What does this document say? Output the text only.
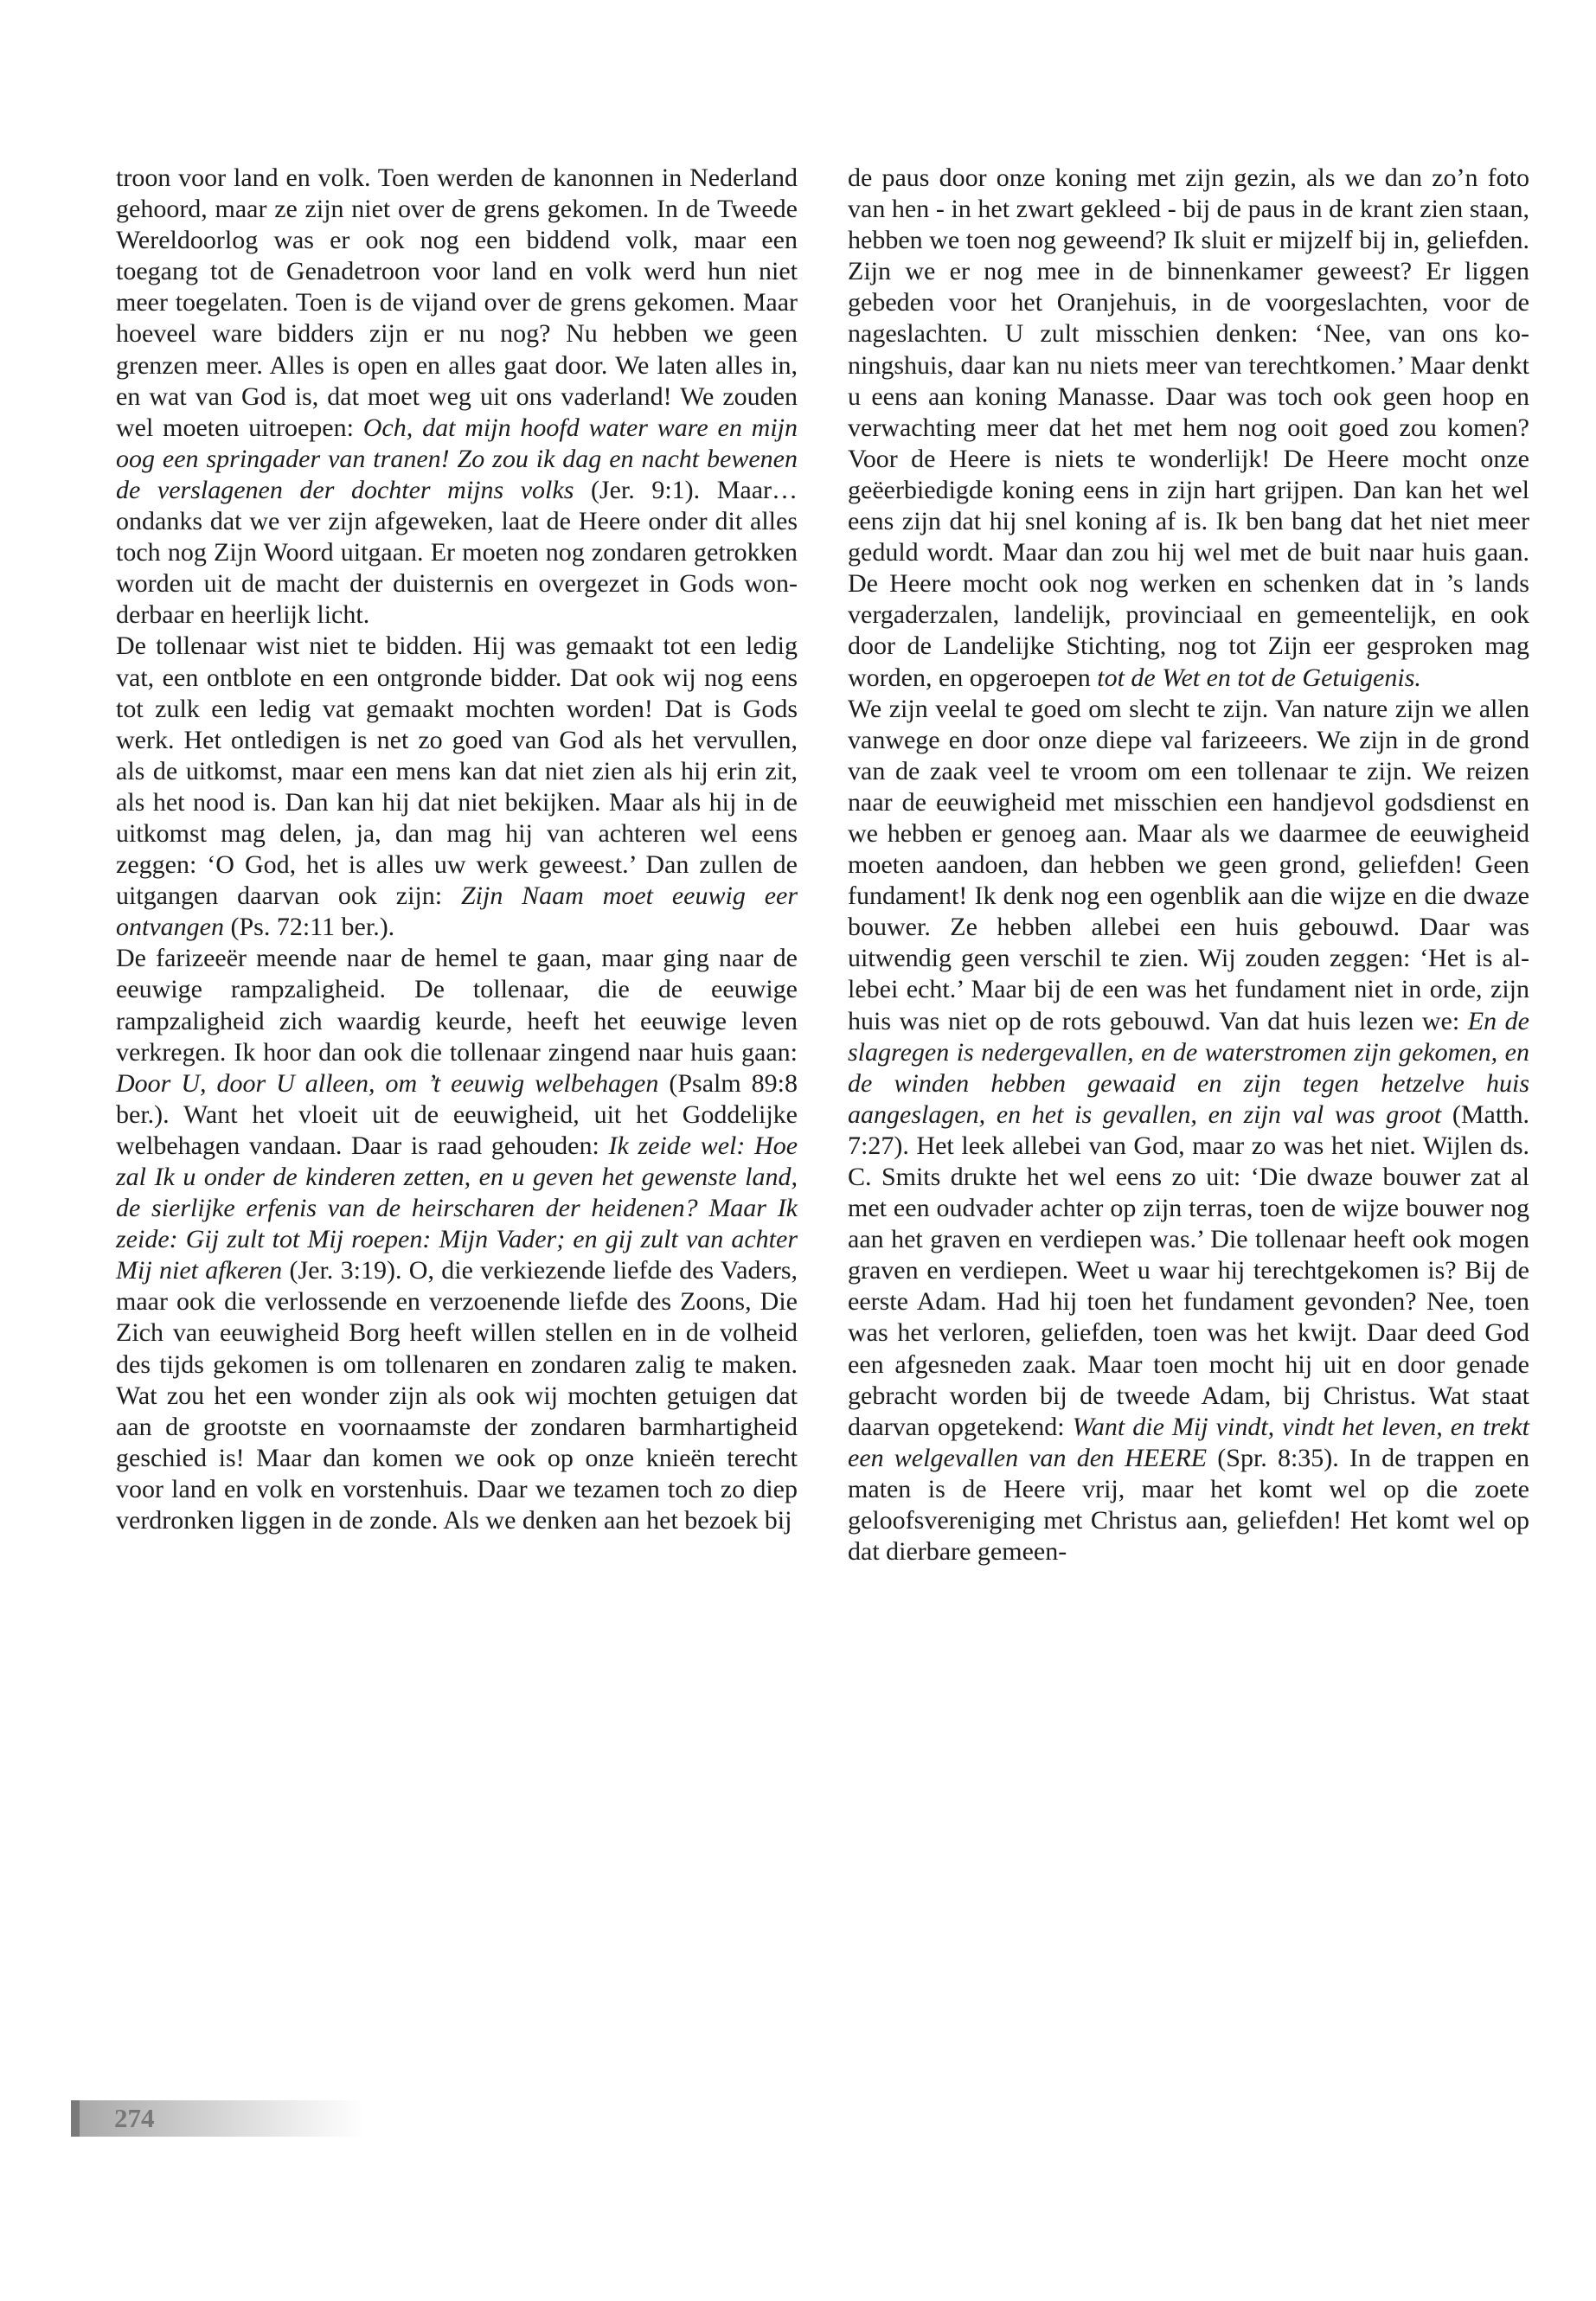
troon voor land en volk. Toen werden de kanonnen in Nederland gehoord, maar ze zijn niet over de grens gekomen. In de Tweede Wereldoorlog was er ook nog een biddend volk, maar een toegang tot de Genadetroon voor land en volk werd hun niet meer toegelaten. Toen is de vijand over de grens gekomen. Maar hoeveel ware bidders zijn er nu nog? Nu hebben we geen grenzen meer. Alles is open en alles gaat door. We laten alles in, en wat van God is, dat moet weg uit ons vaderland! We zouden wel moeten uitroepen: Och, dat mijn hoofd water ware en mijn oog een springader van tranen! Zo zou ik dag en nacht bewenen de verslagenen der dochter mijns volks (Jer. 9:1). Maar…ondanks dat we ver zijn afgeweken, laat de Heere onder dit alles toch nog Zijn Woord uitgaan. Er moeten nog zondaren getrokken worden uit de macht der duisternis en overgezet in Gods wonderbaar en heerlijk licht.

De tollenaar wist niet te bidden. Hij was gemaakt tot een ledig vat, een ontblote en een ontgronde bidder. Dat ook wij nog eens tot zulk een ledig vat gemaakt mochten worden! Dat is Gods werk. Het ontledigen is net zo goed van God als het vervullen, als de uitkomst, maar een mens kan dat niet zien als hij erin zit, als het nood is. Dan kan hij dat niet bekijken. Maar als hij in de uitkomst mag delen, ja, dan mag hij van achteren wel eens zeggen: ‘O God, het is alles uw werk geweest.’ Dan zullen de uitgangen daarvan ook zijn: Zijn Naam moet eeuwig eer ontvangen (Ps. 72:11 ber.).

De farizeeër meende naar de hemel te gaan, maar ging naar de eeuwige rampzaligheid. De tollenaar, die de eeuwige rampzaligheid zich waardig keurde, heeft het eeuwige leven verkregen. Ik hoor dan ook die tollenaar zingend naar huis gaan: Door U, door U alleen, om ’t eeuwig welbehagen (Psalm 89:8 ber.). Want het vloeit uit de eeuwigheid, uit het Goddelijke welbehagen vandaan. Daar is raad gehouden: Ik zeide wel: Hoe zal Ik u onder de kinderen zetten, en u geven het gewenste land, de sierlijke erfenis van de heirscharen der heidenen? Maar Ik zeide: Gij zult tot Mij roepen: Mijn Vader; en gij zult van achter Mij niet afkeren (Jer. 3:19). O, die verkiezende liefde des Vaders, maar ook die verlossende en verzoenende liefde des Zoons, Die Zich van eeuwigheid Borg heeft willen stellen en in de volheid des tijds gekomen is om tollenaren en zondaren zalig te maken. Wat zou het een wonder zijn als ook wij mochten getuigen dat aan de grootste en voornaamste der zondaren barmhartigheid geschied is! Maar dan komen we ook op onze knieën terecht voor land en volk en vorstenhuis. Daar we tezamen toch zo diep verdronken liggen in de zonde. Als we denken aan het bezoek bij

de paus door onze koning met zijn gezin, als we dan zo’n foto van hen - in het zwart gekleed - bij de paus in de krant zien staan, hebben we toen nog geweend? Ik sluit er mijzelf bij in, geliefden. Zijn we er nog mee in de binnenkamer geweest? Er liggen gebeden voor het Oranjehuis, in de voorgeslachten, voor de nageslachten. U zult misschien denken: ‘Nee, van ons koningshuis, daar kan nu niets meer van terechtkomen.’ Maar denkt u eens aan koning Manasse. Daar was toch ook geen hoop en verwachting meer dat het met hem nog ooit goed zou komen? Voor de Heere is niets te wonderlijk! De Heere mocht onze geëerbiedigde koning eens in zijn hart grijpen. Dan kan het wel eens zijn dat hij snel koning af is. Ik ben bang dat het niet meer geduld wordt. Maar dan zou hij wel met de buit naar huis gaan. De Heere mocht ook nog werken en schenken dat in ’s lands vergaderzalen, landelijk, provinciaal en gemeentelijk, en ook door de Landelijke Stichting, nog tot Zijn eer gesproken mag worden, en opgeroepen tot de Wet en tot de Getuigenis.

We zijn veelal te goed om slecht te zijn. Van nature zijn we allen vanwege en door onze diepe val farizeeers. We zijn in de grond van de zaak veel te vroom om een tollenaar te zijn. We reizen naar de eeuwigheid met misschien een handjevol godsdienst en we hebben er genoeg aan. Maar als we daarmee de eeuwigheid moeten aandoen, dan hebben we geen grond, geliefden! Geen fundament! Ik denk nog een ogenblik aan die wijze en die dwaze bouwer. Ze hebben allebei een huis gebouwd. Daar was uitwendig geen verschil te zien. Wij zouden zeggen: ‘Het is allebei echt.’ Maar bij de een was het fundament niet in orde, zijn huis was niet op de rots gebouwd. Van dat huis lezen we: En de slagregen is nedergevallen, en de waterstromen zijn gekomen, en de winden hebben gewaaid en zijn tegen hetzelve huis aangeslagen, en het is gevallen, en zijn val was groot (Matth. 7:27). Het leek allebei van God, maar zo was het niet. Wijlen ds. C. Smits drukte het wel eens zo uit: ‘Die dwaze bouwer zat al met een oudvader achter op zijn terras, toen de wijze bouwer nog aan het graven en verdiepen was.’ Die tollenaar heeft ook mogen graven en verdiepen. Weet u waar hij terechtgekomen is? Bij de eerste Adam. Had hij toen het fundament gevonden? Nee, toen was het verloren, geliefden, toen was het kwijt. Daar deed God een afgesneden zaak. Maar toen mocht hij uit en door genade gebracht worden bij de tweede Adam, bij Christus. Wat staat daarvan opgetekend: Want die Mij vindt, vindt het leven, en trekt een welgevallen van den HEERE (Spr. 8:35). In de trappen en maten is de Heere vrij, maar het komt wel op die zoete geloofsvereniging met Christus aan, geliefden! Het komt wel op dat dierbare gemeen-

274
